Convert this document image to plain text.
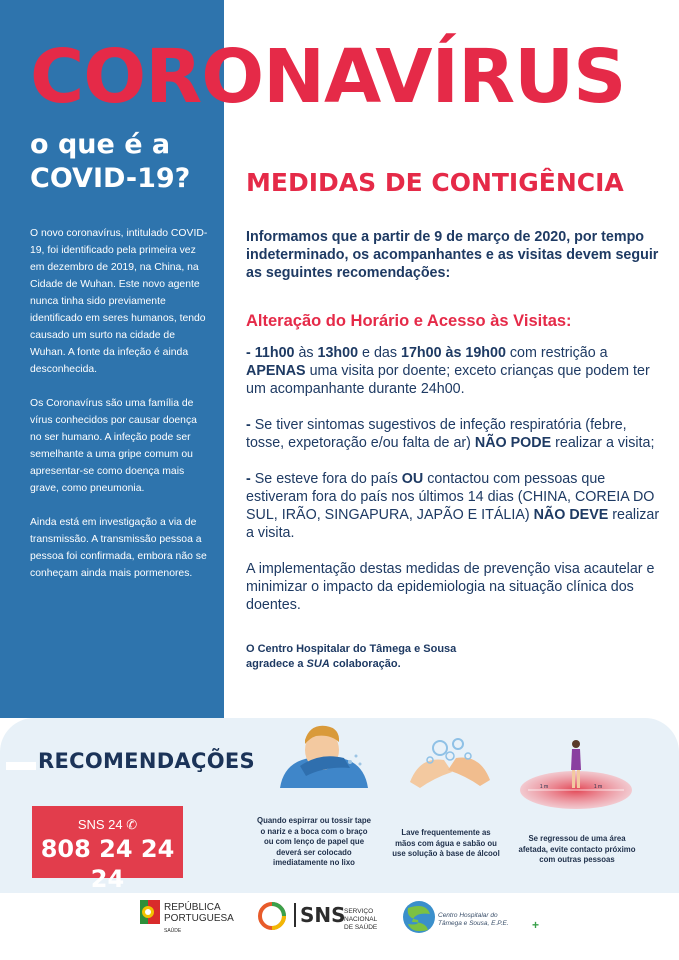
CORONAVÍRUS
o que é a
COVID-19?

O novo coronavírus, intitulado COVID-19, foi identificado pela primeira vez em dezembro de 2019, na China, na Cidade de Wuhan. Este novo agente nunca tinha sido previamente identificado em seres humanos, tendo causado um surto na cidade de Wuhan. A fonte da infeção é ainda desconhecida.

Os Coronavírus são uma família de vírus conhecidos por causar doença no ser humano. A infeção pode ser semelhante a uma gripe comum ou apresentar-se como doença mais grave, como pneumonia.

Ainda está em investigação a via de transmissão. A transmissão pessoa a pessoa foi confirmada, embora não se conheçam ainda mais pormenores.

MEDIDAS DE CONTIGÊNCIA

Informamos que a partir de 9 de março de 2020, por tempo indeterminado, os acompanhantes e as visitas devem seguir as seguintes recomendações:

Alteração do Horário e Acesso às Visitas:

- 11h00 às 13h00 e das 17h00 às 19h00 com restrição a APENAS uma visita por doente; exceto crianças que podem ter um acompanhante durante 24h00.

- Se tiver sintomas sugestivos de infeção respiratória (febre, tosse, expetoração e/ou falta de ar) NÃO PODE realizar a visita;

- Se esteve fora do país OU contactou com pessoas que estiveram fora do país nos últimos 14 dias (CHINA, COREIA DO SUL, IRÃO, SINGAPURA, JAPÃO E ITÁLIA) NÃO DEVE realizar a visita.

A implementação destas medidas de prevenção visa acautelar e minimizar o impacto da epidemiologia na situação clínica dos doentes.

O Centro Hospitalar do Tâmega e Sousa
agradece a SUA colaboração.
RECOMENDAÇÕES
SNS 24 ✆
808 24 24 24
Quando espirrar ou tossir tape o nariz e a boca com o braço ou com lenço de papel que deverá ser colocado imediatamente no lixo
Lave frequentemente as mãos com água e sabão ou use solução à base de álcool
1 m	1 m
Se regressou de uma área afetada, evite contacto próximo com outras pessoas
REPÚBLICA
PORTUGUESA
SAÚDE
SNS
SERVIÇO NACIONAL
DE SAÚDE
Centro Hospitalar do
Tâmega e Sousa, E.P.E. +
